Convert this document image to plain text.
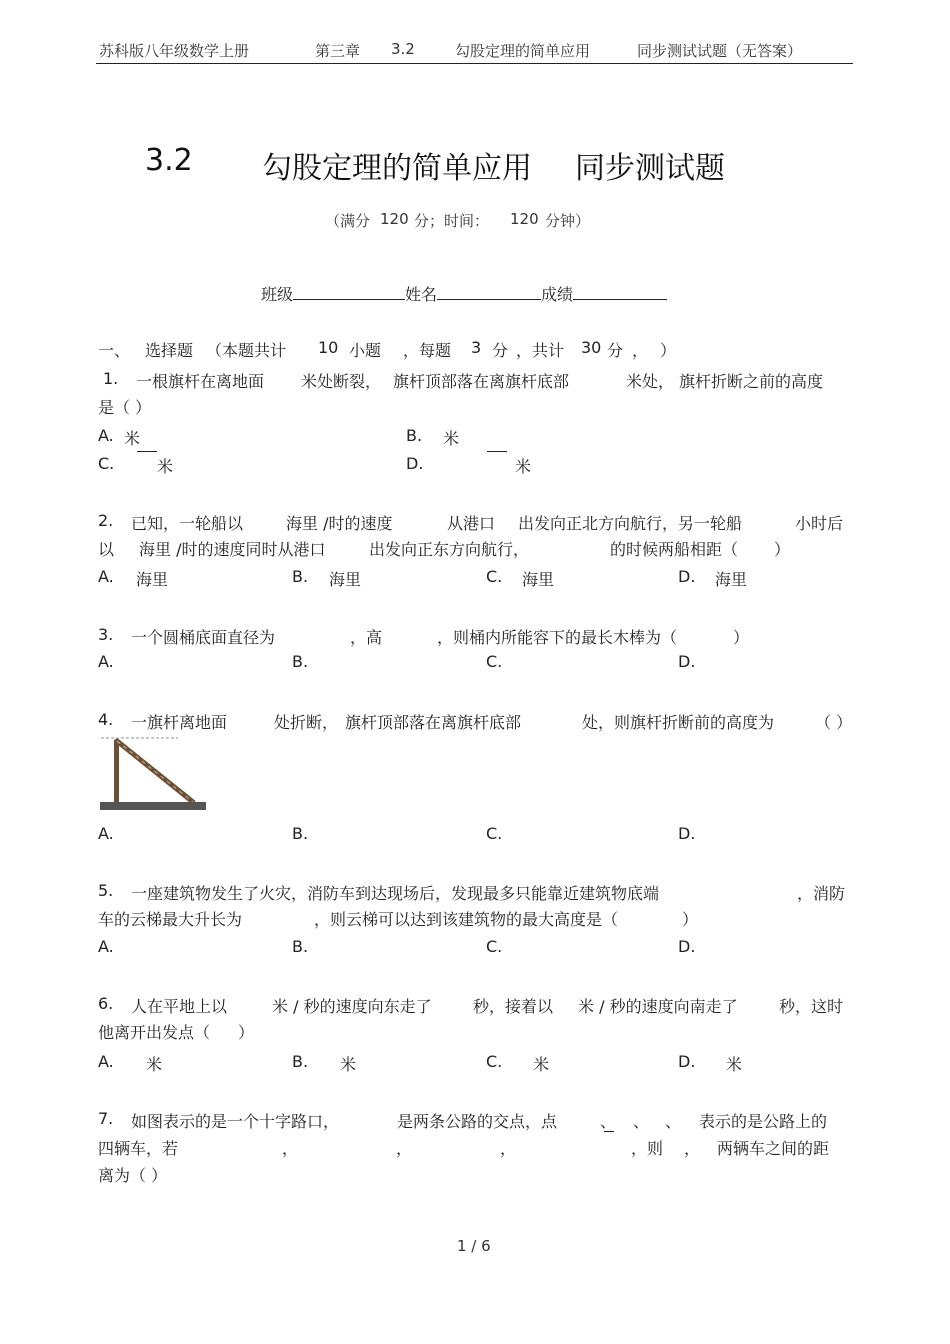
苏科版八年级数学上册	第三章 3.2	勾股定理的简单应用	同步测试试题（无答案）
3.2 勾股定理的简单应用 同步测试题
（满分 120 分；时间： 120 分钟）
班级	姓名	成绩
一、 选择题 （本题共计 10 小题 ，每题 3 分 ，共计 30 分 ， ）
1. 一根旗杆在离地面 米处断裂， 旗杆顶部落在离旗杆底部	米处， 旗杆折断之前的高度
是（ ）
A. 米	B. 米
C.	米	D.	米
2. 已知，一轮船以	海里 /时的速度	从港口 出发向正北方向航行，另一轮船	小时后
以 海里 /时的速度同时从港口	出发向正东方向航行，	的时候两船相距（ ）
A. 海里	B. 海里	C. 海里	D. 海里
3. 一个圆桶底面直径为	，高	，则桶内所能容下的最长木棒为（	）
A.	B.	C.	D.
4. 一旗杆离地面	处折断， 旗杆顶部落在离旗杆底部	处，则旗杆折断前的高度为	（ ）
A.	B.	C.	D.
5. 一座建筑物发生了火灾，消防车到达现场后，发现最多只能靠近建筑物底端	，消防
车的云梯最大升长为	，则云梯可以达到该建筑物的最大高度是（	）
A.	B.	C.	D.
6. 人在平地上以	米 / 秒的速度向东走了	秒，接着以 米 / 秒的速度向南走了	秒，这时
他离开出发点（ ）
A. 米	B. 米	C. 米	D. 米
7. 如图表示的是一个十字路口，	是两条公路的交点，点	、 、 、 表示的是公路上的
四辆车，若	，	，	，	，则 ， 两辆车之间的距
离为（ ）
1 / 6
